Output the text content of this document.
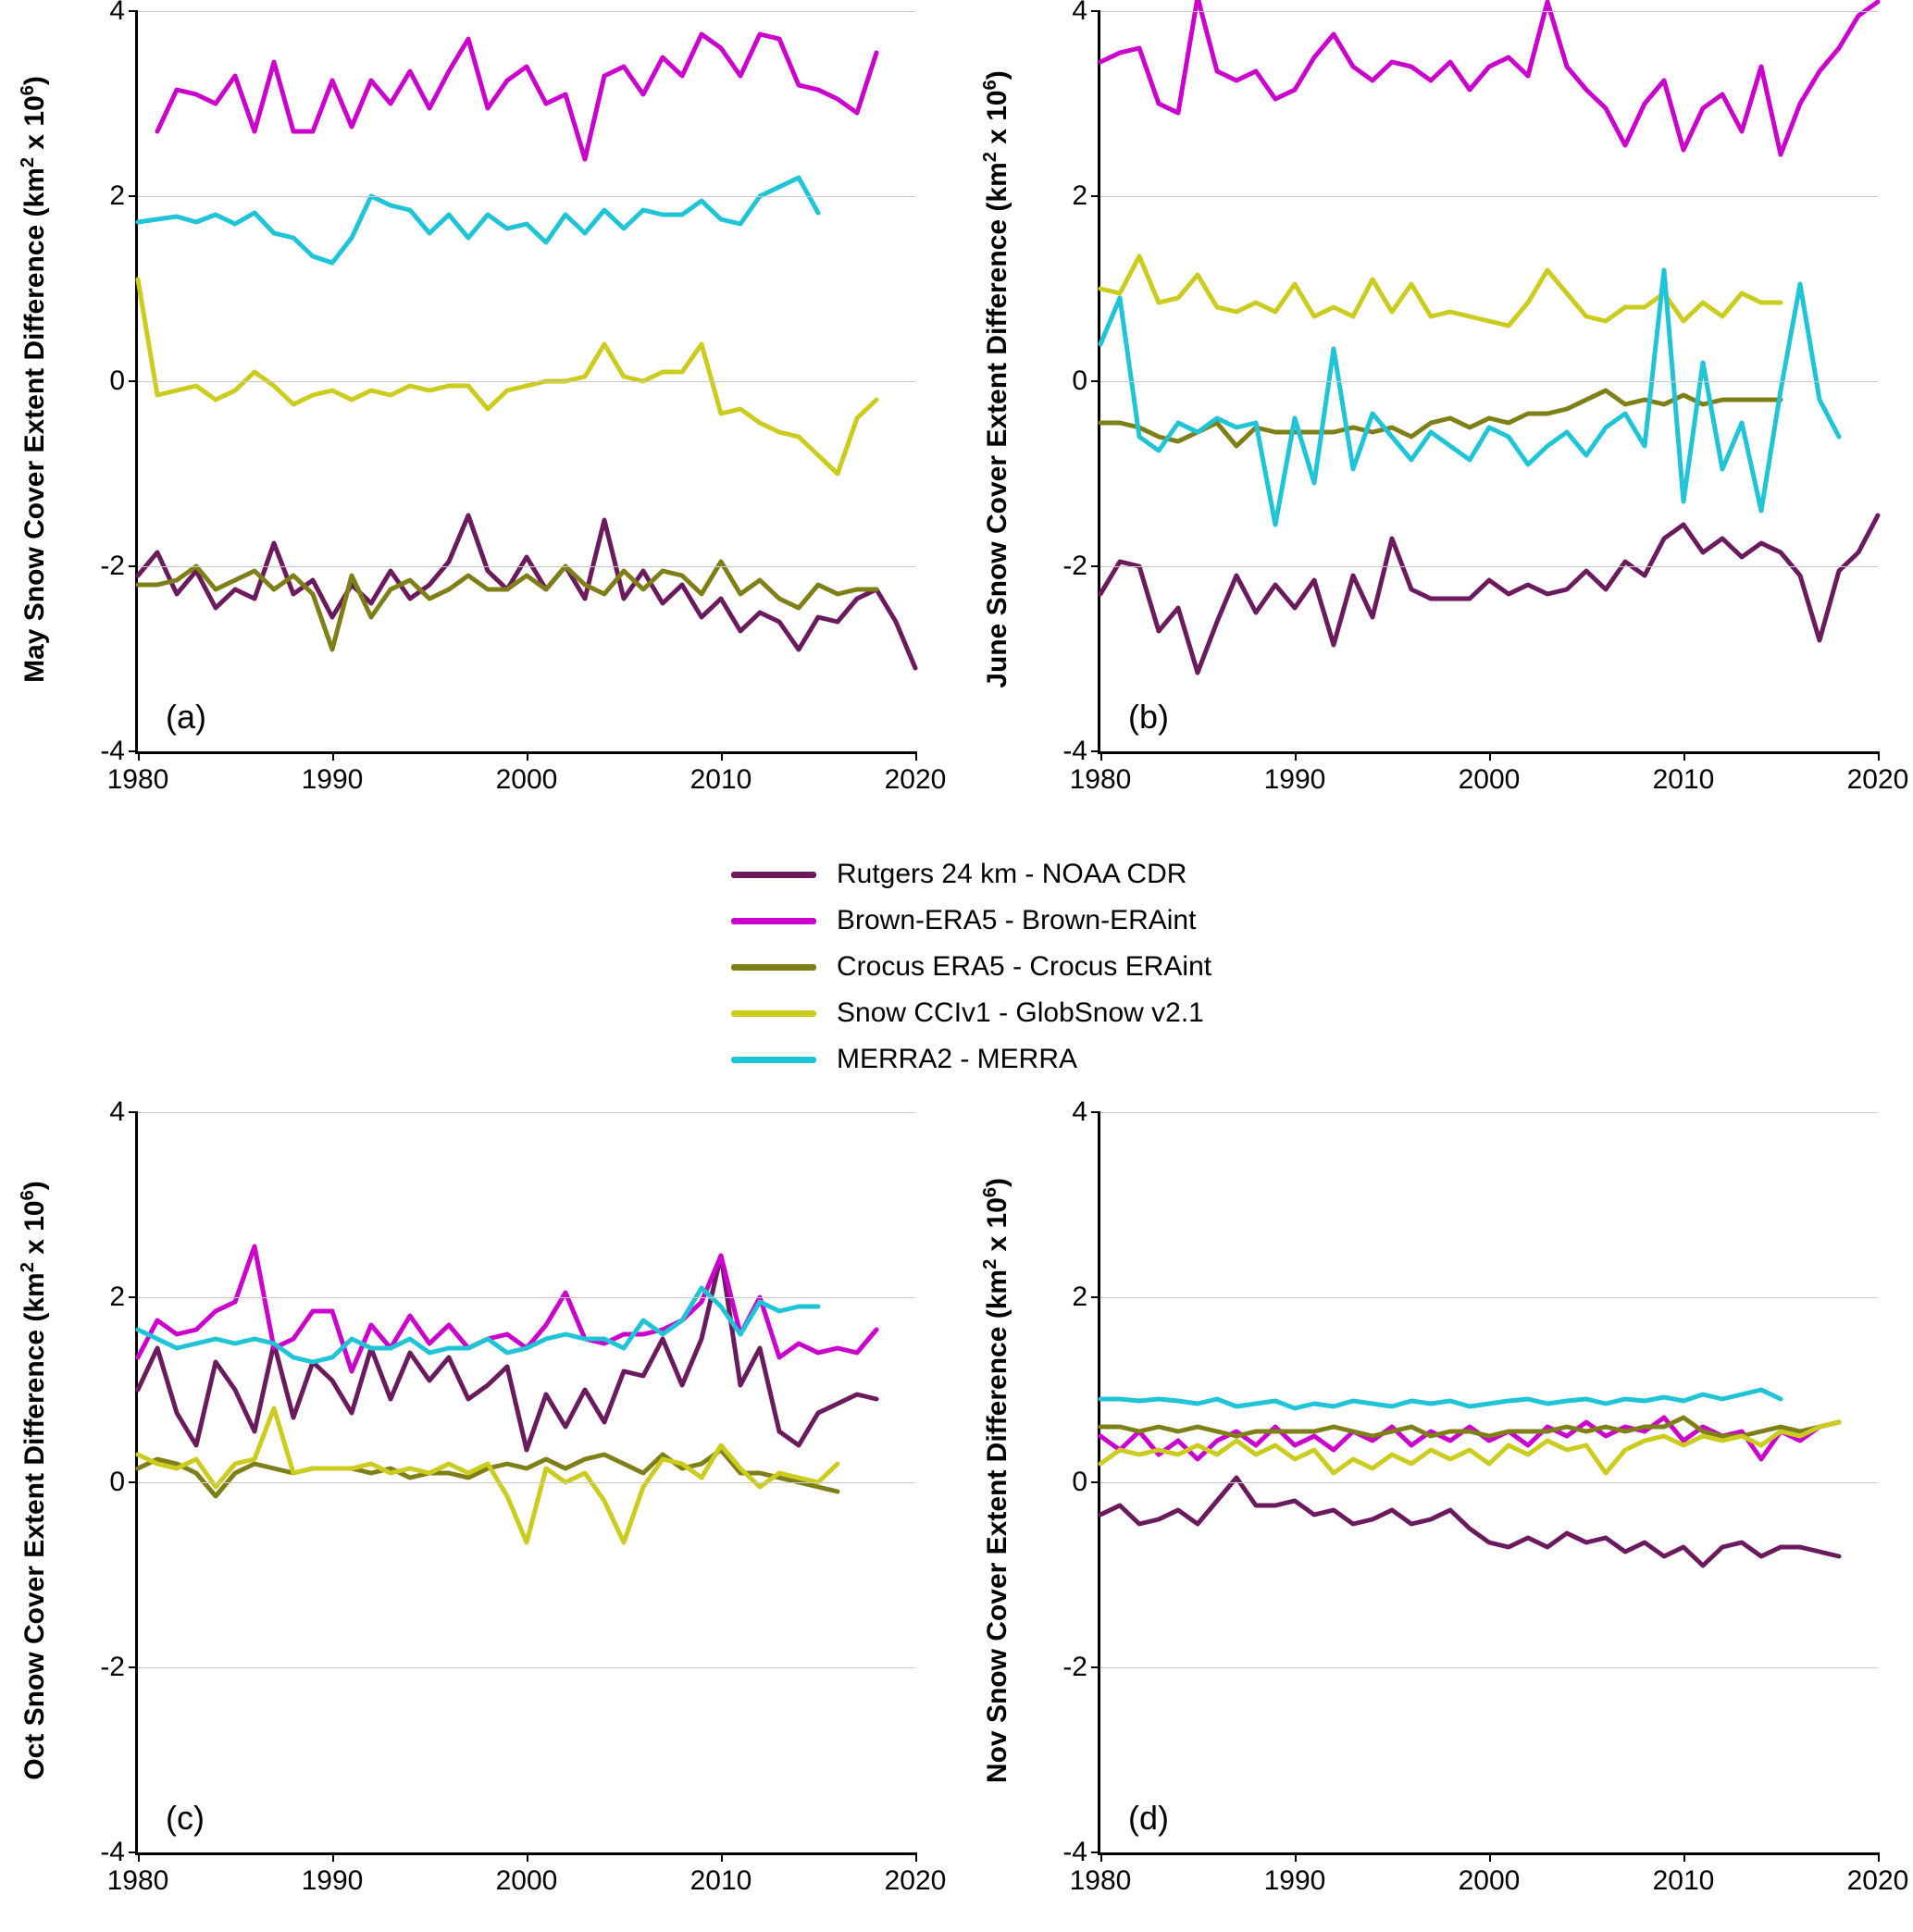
May Snow Cover Extent Difference ($km^2$ x $10^6$)
(a)
-4
-2
0
2
4
1980	1990	2000	2010	2020
June Snow Cover Extent Difference ($km^2$ x $10^6$)
(b)
-4
-2
0
2
4
1980	1990	2000	2010	2020
Rutgers 24 km - NOAA CDR
Brown-ERA5 - Brown-ERAint
Crocus ERA5 - Crocus ERAint
Snow CCIv1 - GlobSnow v2.1
MERRA2 - MERRA
Oct Snow Cover Extent Difference ($km^2$ x $10^6$)
(c)
-4
-2
0
2
4
1980	1990	2000	2010	2020
Nov Snow Cover Extent Difference ($km^2$ x $10^6$)
(d)
-4
-2
0
2
4
1980	1990	2000	2010	2020
